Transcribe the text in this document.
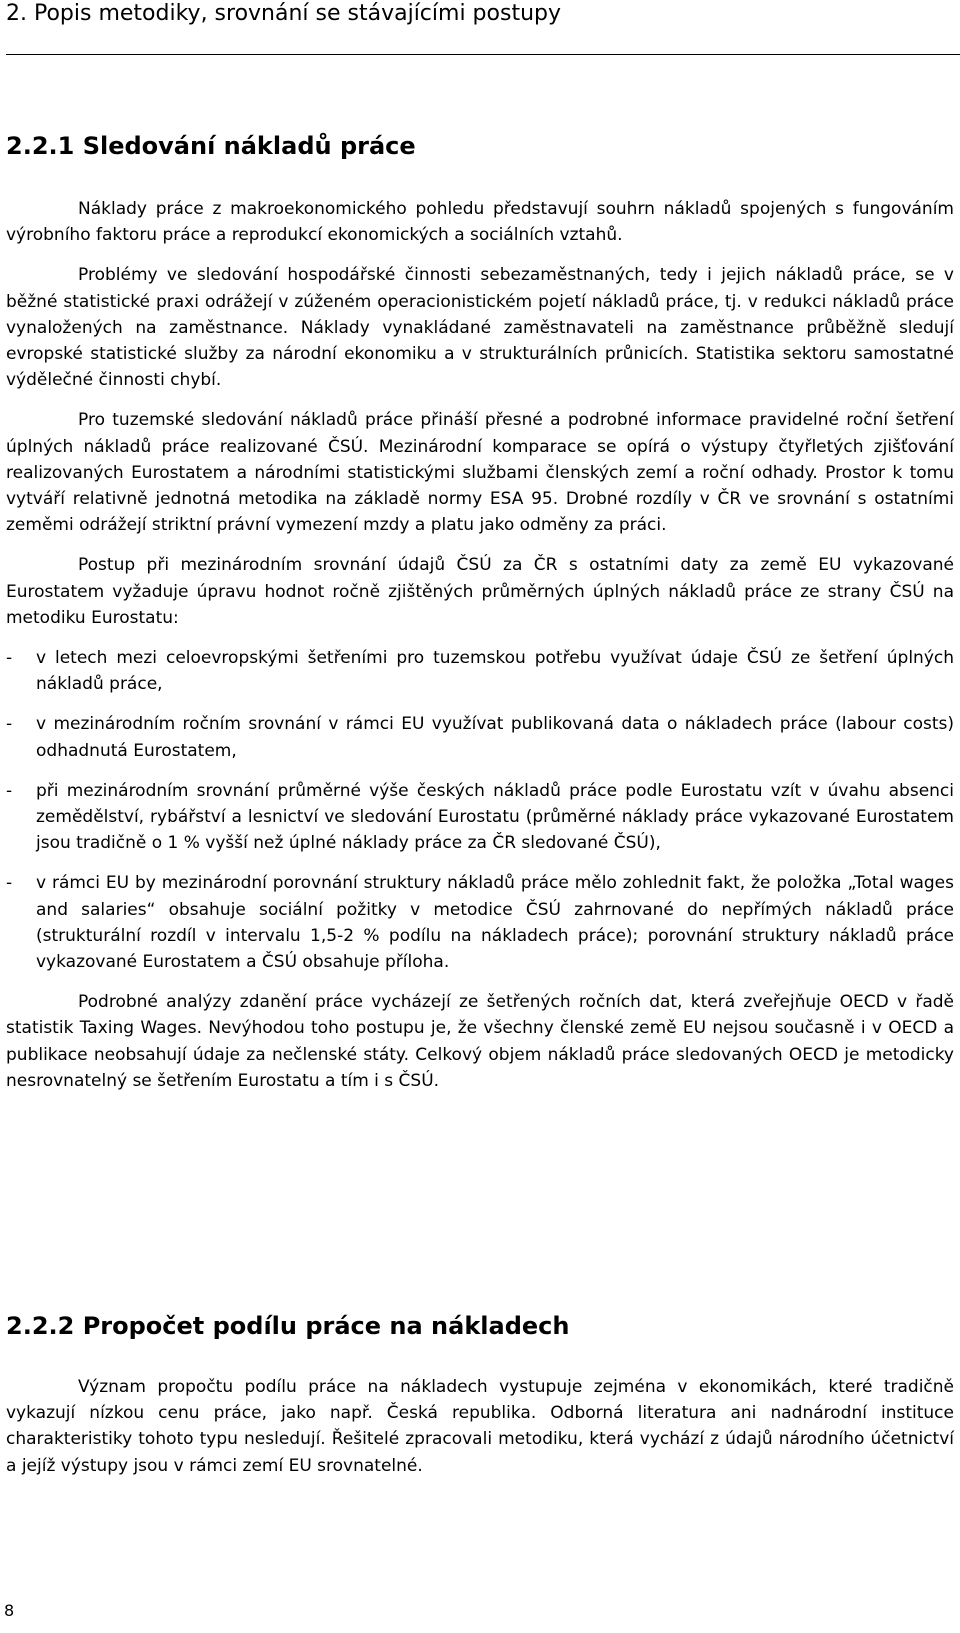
2. Popis metodiky, srovnání se stávajícími postupy
2.2.1 Sledování nákladů práce

Náklady práce z makroekonomického pohledu představují souhrn nákladů spojených s fungováním výrobního faktoru práce a reprodukcí ekonomických a sociálních vztahů.

Problémy ve sledování hospodářské činnosti sebezaměstnaných, tedy i jejich nákladů práce, se v běžné statistické praxi odrážejí v zúženém operacionistickém pojetí nákladů práce, tj. v redukci nákladů práce vynaložených na zaměstnance. Náklady vynakládané zaměstnavateli na zaměstnance průběžně sledují evropské statistické služby za národní ekonomiku a v strukturálních průnicích. Statistika sektoru samostatné výdělečné činnosti chybí.

Pro tuzemské sledování nákladů práce přináší přesné a podrobné informace pravidelné roční šetření úplných nákladů práce realizované ČSÚ. Mezinárodní komparace se opírá o výstupy čtyřletých zjišťování realizovaných Eurostatem a národními statistickými službami členských zemí a roční odhady. Prostor k tomu vytváří relativně jednotná metodika na základě normy ESA 95. Drobné rozdíly v ČR ve srovnání s ostatními zeměmi odrážejí striktní právní vymezení mzdy a platu jako odměny za práci.

Postup při mezinárodním srovnání údajů ČSÚ za ČR s ostatními daty za země EU vykazované Eurostatem vyžaduje úpravu hodnot ročně zjištěných průměrných úplných nákladů práce ze strany ČSÚ na metodiku Eurostatu:

- v letech mezi celoevropskými šetřeními pro tuzemskou potřebu využívat údaje ČSÚ ze šetření úplných nákladů práce,
- v mezinárodním ročním srovnání v rámci EU využívat publikovaná data o nákladech práce (labour costs) odhadnutá Eurostatem,
- při mezinárodním srovnání průměrné výše českých nákladů práce podle Eurostatu vzít v úvahu absenci zemědělství, rybářství a lesnictví ve sledování Eurostatu (průměrné náklady práce vykazované Eurostatem jsou tradičně o 1 % vyšší než úplné náklady práce za ČR sledované ČSÚ),
- v rámci EU by mezinárodní porovnání struktury nákladů práce mělo zohlednit fakt, že položka „Total wages and salaries“ obsahuje sociální požitky v metodice ČSÚ zahrnované do nepřímých nákladů práce (strukturální rozdíl v intervalu 1,5-2 % podílu na nákladech práce); porovnání struktury nákladů práce vykazované Eurostatem a ČSÚ obsahuje příloha.

Podrobné analýzy zdanění práce vycházejí ze šetřených ročních dat, která zveřejňuje OECD v řadě statistik Taxing Wages. Nevýhodou toho postupu je, že všechny členské země EU nejsou současně i v OECD a publikace neobsahují údaje za nečlenské státy. Celkový objem nákladů práce sledovaných OECD je metodicky nesrovnatelný se šetřením Eurostatu a tím i s ČSÚ.

2.2.2 Propočet podílu práce na nákladech

Význam propočtu podílu práce na nákladech vystupuje zejména v ekonomikách, které tradičně vykazují nízkou cenu práce, jako např. Česká republika. Odborná literatura ani nadnárodní instituce charakteristiky tohoto typu nesledují. Řešitelé zpracovali metodiku, která vychází z údajů národního účetnictví a jejíž výstupy jsou v rámci zemí EU srovnatelné.

8
